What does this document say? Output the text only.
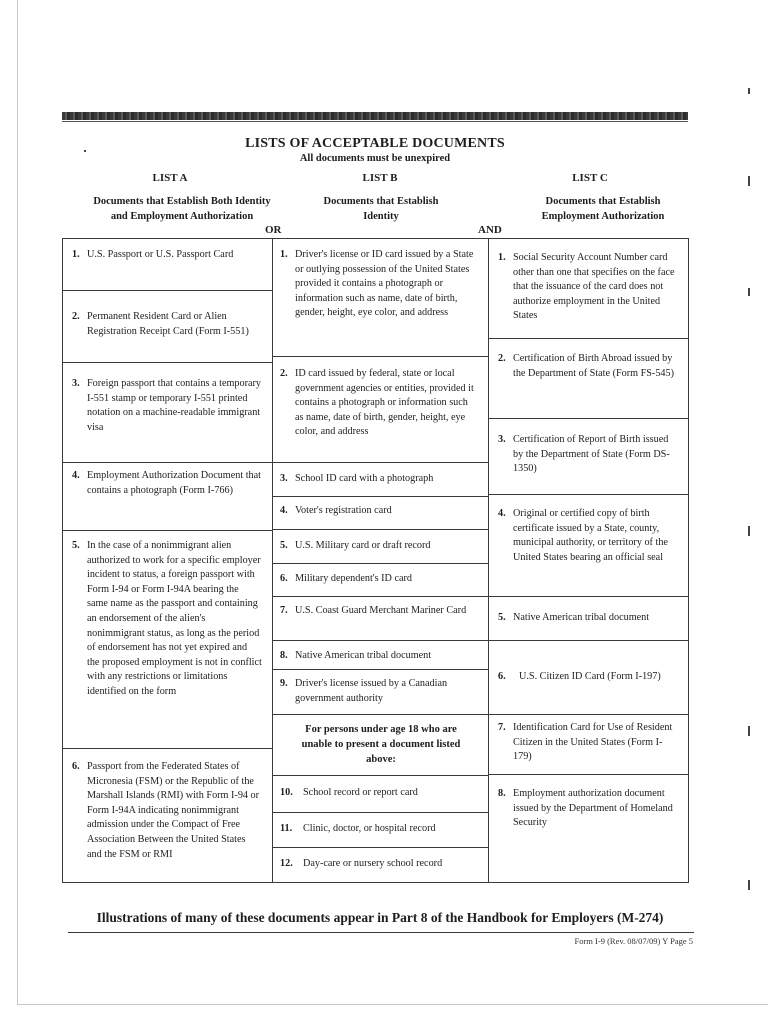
LISTS OF ACCEPTABLE DOCUMENTS
All documents must be unexpired
LIST A	LIST B	LIST C
Documents that Establish Both Identity and Employment Authorization
Documents that Establish Identity
Documents that Establish Employment Authorization
OR	AND
1. U.S. Passport or U.S. Passport Card
2. Permanent Resident Card or Alien Registration Receipt Card (Form I-551)
3. Foreign passport that contains a temporary I-551 stamp or temporary I-551 printed notation on a machine-readable immigrant visa
4. Employment Authorization Document that contains a photograph (Form I-766)
5. In the case of a nonimmigrant alien authorized to work for a specific employer incident to status, a foreign passport with Form I-94 or Form I-94A bearing the same name as the passport and containing an endorsement of the alien's nonimmigrant status, as long as the period of endorsement has not yet expired and the proposed employment is not in conflict with any restrictions or limitations identified on the form
6. Passport from the Federated States of Micronesia (FSM) or the Republic of the Marshall Islands (RMI) with Form I-94 or Form I-94A indicating nonimmigrant admission under the Compact of Free Association Between the United States and the FSM or RMI
1. Driver's license or ID card issued by a State or outlying possession of the United States provided it contains a photograph or information such as name, date of birth, gender, height, eye color, and address
2. ID card issued by federal, state or local government agencies or entities, provided it contains a photograph or information such as name, date of birth, gender, height, eye color, and address
3. School ID card with a photograph
4. Voter's registration card
5. U.S. Military card or draft record
6. Military dependent's ID card
7. U.S. Coast Guard Merchant Mariner Card
8. Native American tribal document
9. Driver's license issued by a Canadian government authority
For persons under age 18 who are unable to present a document listed above:
10.	School record or report card
11.	Clinic, doctor, or hospital record
12.	Day-care or nursery school record
1. Social Security Account Number card other than one that specifies on the face that the issuance of the card does not authorize employment in the United States
2. Certification of Birth Abroad issued by the Department of State (Form FS-545)
3. Certification of Report of Birth issued by the Department of State (Form DS-1350)
4. Original or certified copy of birth certificate issued by a State, county, municipal authority, or territory of the United States bearing an official seal
5. Native American tribal document
6.	U.S. Citizen ID Card (Form I-197)
7. Identification Card for Use of Resident Citizen in the United States (Form I-179)
8. Employment authorization document issued by the Department of Homeland Security
Illustrations of many of these documents appear in Part 8 of the Handbook for Employers (M-274)
Form I-9 (Rev. 08/07/09) Y Page 5
